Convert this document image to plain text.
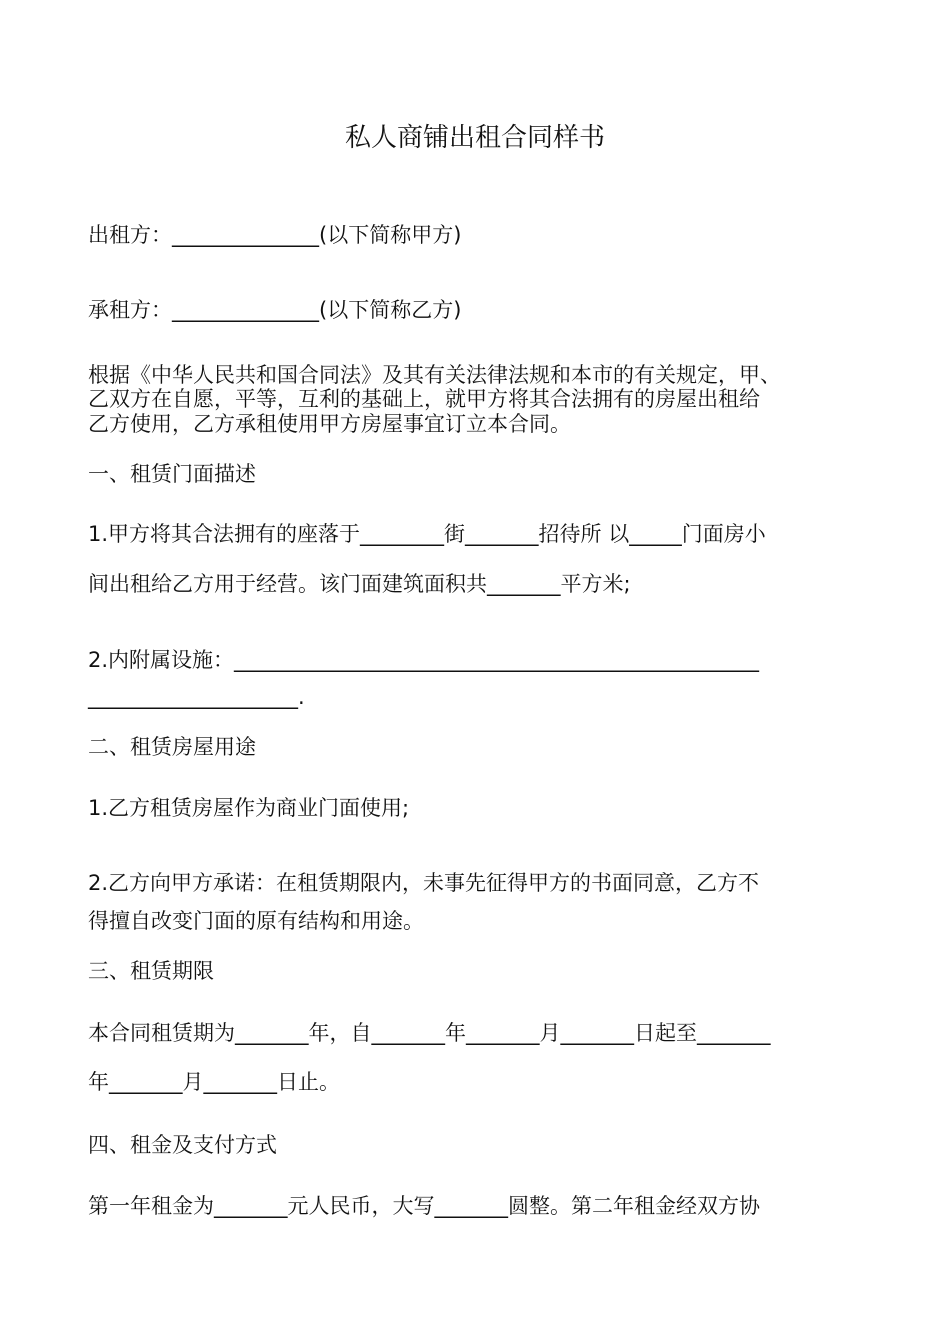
私人商铺出租合同样书

出租方：______________(以下简称甲方)

承租方：______________(以下简称乙方)

根据《中华人民共和国合同法》及其有关法律法规和本市的有关规定，甲、

乙双方在自愿，平等，互利的基础上，就甲方将其合法拥有的房屋出租给

乙方使用，乙方承租使用甲方房屋事宜订立本合同。

一、租赁门面描述

1.甲方将其合法拥有的座落于________街_______招待所 以_____门面房小

间出租给乙方用于经营。该门面建筑面积共_______平方米;

2.内附属设施：__________________________________________________

____________________.

二、租赁房屋用途

1.乙方租赁房屋作为商业门面使用;

2.乙方向甲方承诺：在租赁期限内，未事先征得甲方的书面同意，乙方不

得擅自改变门面的原有结构和用途。

三、租赁期限

本合同租赁期为_______年，自_______年_______月_______日起至_______

年_______月_______日止。

四、租金及支付方式

第一年租金为_______元人民币，大写_______圆整。第二年租金经双方协
